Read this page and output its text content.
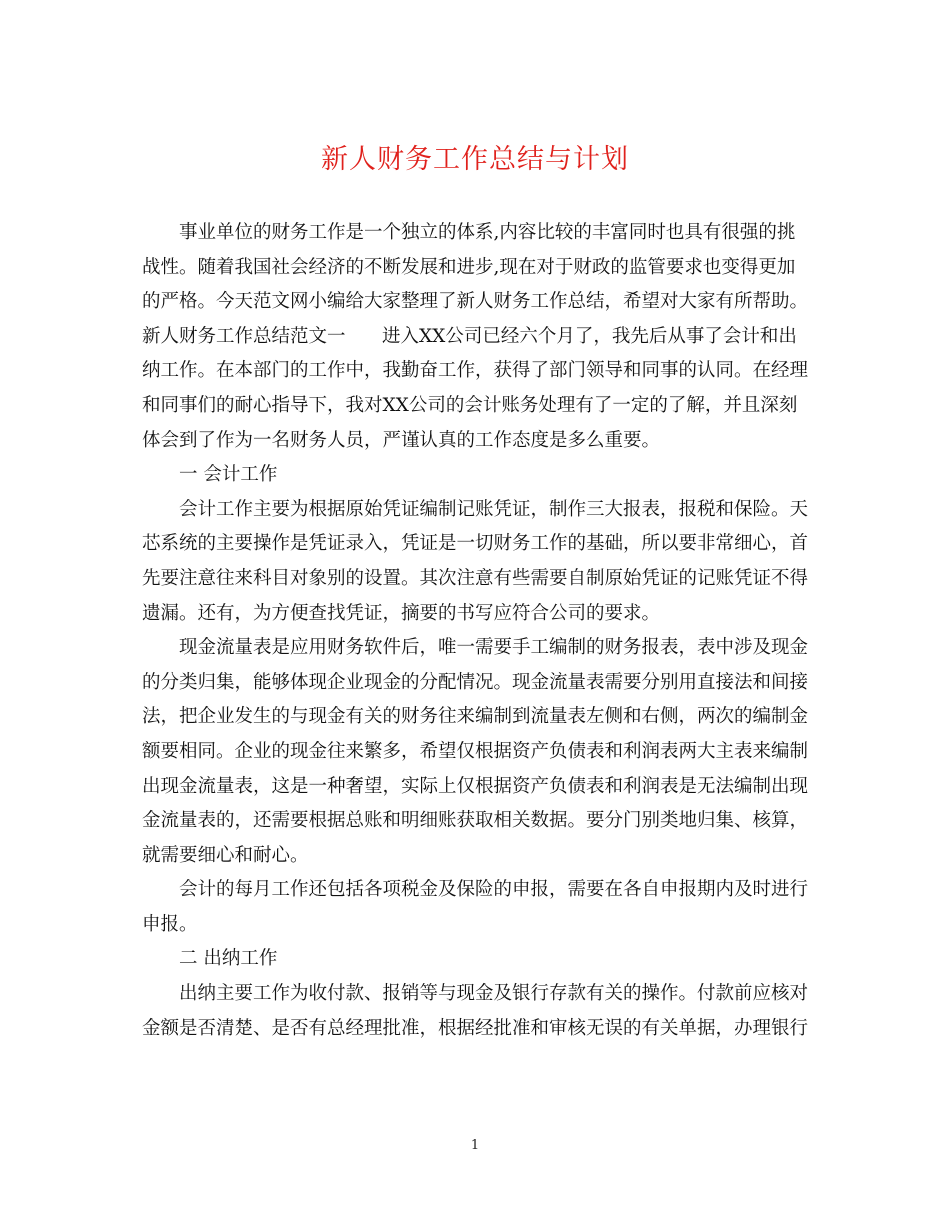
新人财务工作总结与计划
事业单位的财务工作是一个独立的体系,内容比较的丰富同时也具有很强的挑
战性。随着我国社会经济的不断发展和进步,现在对于财政的监管要求也变得更加
的严格。今天范文网小编给大家整理了新人财务工作总结，希望对大家有所帮助。
新人财务工作总结范文一	进入XX公司已经六个月了，我先后从事了会计和出
纳工作。在本部门的工作中，我勤奋工作，获得了部门领导和同事的认同。在经理
和同事们的耐心指导下，我对XX公司的会计账务处理有了一定的了解，并且深刻
体会到了作为一名财务人员，严谨认真的工作态度是多么重要。
一 会计工作
会计工作主要为根据原始凭证编制记账凭证，制作三大报表，报税和保险。天
芯系统的主要操作是凭证录入，凭证是一切财务工作的基础，所以要非常细心，首
先要注意往来科目对象别的设置。其次注意有些需要自制原始凭证的记账凭证不得
遗漏。还有，为方便查找凭证，摘要的书写应符合公司的要求。
现金流量表是应用财务软件后，唯一需要手工编制的财务报表，表中涉及现金
的分类归集，能够体现企业现金的分配情况。现金流量表需要分别用直接法和间接
法，把企业发生的与现金有关的财务往来编制到流量表左侧和右侧，两次的编制金
额要相同。企业的现金往来繁多，希望仅根据资产负债表和利润表两大主表来编制
出现金流量表，这是一种奢望，实际上仅根据资产负债表和利润表是无法编制出现
金流量表的，还需要根据总账和明细账获取相关数据。要分门别类地归集、核算，
就需要细心和耐心。
会计的每月工作还包括各项税金及保险的申报，需要在各自申报期内及时进行
申报。
二 出纳工作
出纳主要工作为收付款、报销等与现金及银行存款有关的操作。付款前应核对
金额是否清楚、是否有总经理批准，根据经批准和审核无误的有关单据，办理银行
1
